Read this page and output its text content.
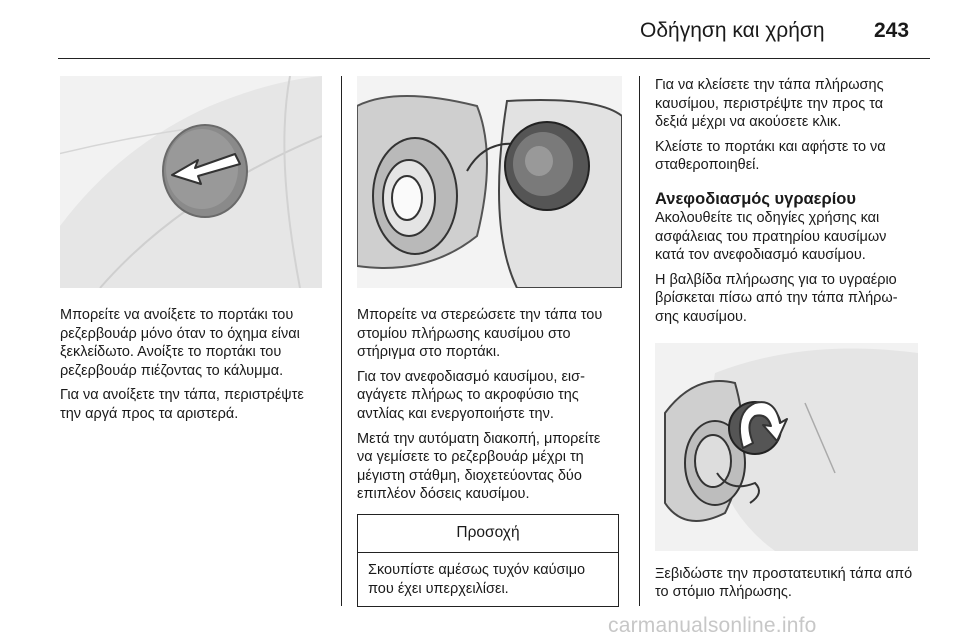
Οδήγηση και χρήση 243

Μπορείτε να ανοίξετε το πορτάκι του ρεζερβουάρ μόνο όταν το όχημα είναι ξεκλείδωτο. Ανοίξτε το πορτάκι του ρεζερβουάρ πιέζοντας το κάλυμμα.

Για να ανοίξετε την τάπα, περιστρέψτε την αργά προς τα αριστερά.

Μπορείτε να στερεώσετε την τάπα του στομίου πλήρωσης καυσίμου στο στήριγμα στο πορτάκι.

Για τον ανεφοδιασμό καυσίμου, εισ-αγάγετε πλήρως το ακροφύσιο της αντλίας και ενεργοποιήστε την.

Μετά την αυτόματη διακοπή, μπορείτε να γεμίσετε το ρεζερβουάρ μέχρι τη μέγιστη στάθμη, διοχετεύοντας δύο επιπλέον δόσεις καυσίμου.

Προσοχή
Σκουπίστε αμέσως τυχόν καύσιμο που έχει υπερχειλίσει.

Για να κλείσετε την τάπα πλήρωσης καυσίμου, περιστρέψτε την προς τα δεξιά μέχρι να ακούσετε κλικ.

Κλείστε το πορτάκι και αφήστε το να σταθεροποιηθεί.

Ανεφοδιασμός υγραερίου

Ακολουθείτε τις οδηγίες χρήσης και ασφάλειας του πρατηρίου καυσίμων κατά τον ανεφοδιασμό καυσίμου.

Η βαλβίδα πλήρωσης για το υγραέριο βρίσκεται πίσω από την τάπα πλήρω-σης καυσίμου.

Ξεβιδώστε την προστατευτική τάπα από το στόμιο πλήρωσης.

carmanualsonline.info
